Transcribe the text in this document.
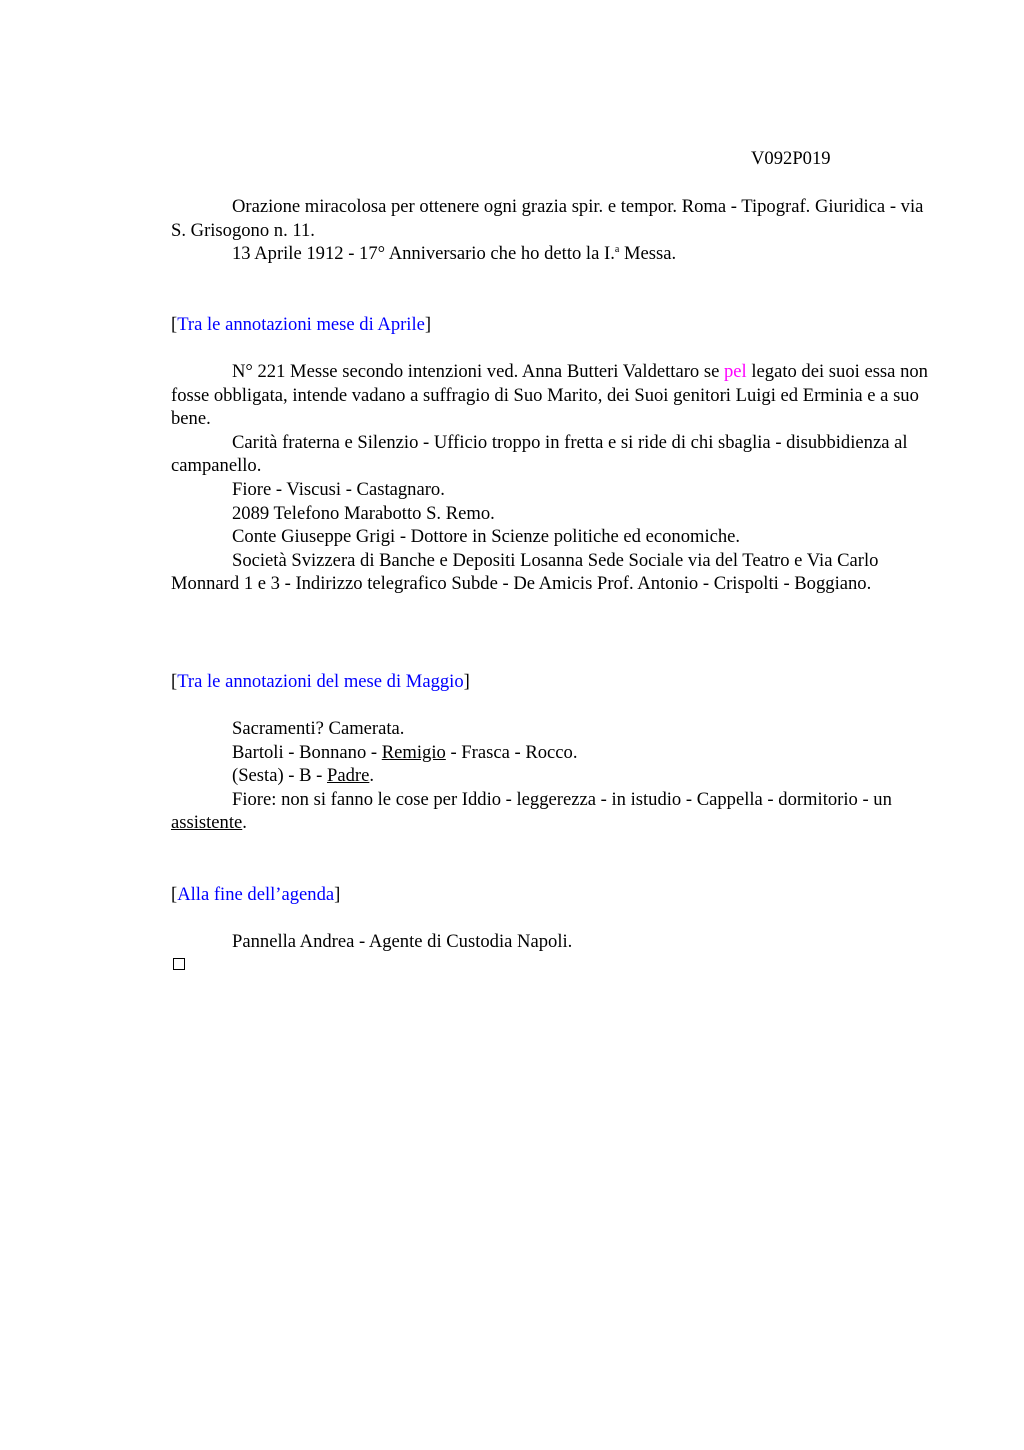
V092P019

Orazione miracolosa per ottenere ogni grazia spir. e tempor. Roma - Tipograf. Giuridica - via S. Grisogono n. 11.

13 Aprile 1912 - 17° Anniversario che ho detto la I.$^a$ Messa.

[Tra le annotazioni mese di Aprile]

N° 221 Messe secondo intenzioni ved. Anna Butteri Valdettaro se pel legato dei suoi essa non fosse obbligata, intende vadano a suffragio di Suo Marito, dei Suoi genitori Luigi ed Erminia e a suo bene.

Carità fraterna e Silenzio - Ufficio troppo in fretta e si ride di chi sbaglia - disubbidienza al campanello.

Fiore - Viscusi - Castagnaro.

2089 Telefono Marabotto S. Remo.

Conte Giuseppe Grigi - Dottore in Scienze politiche ed economiche.

Società Svizzera di Banche e Depositi Losanna Sede Sociale via del Teatro e Via Carlo Monnard 1 e 3 - Indirizzo telegrafico Subde - De Amicis Prof. Antonio - Crispolti - Boggiano.

[Tra le annotazioni del mese di Maggio]

Sacramenti? Camerata.

Bartoli - Bonnano - Remigio - Frasca - Rocco.

(Sesta) - B - Padre.

Fiore: non si fanno le cose per Iddio - leggerezza - in istudio - Cappella - dormitorio - un assistente.

[Alla fine dell’agenda]

Pannella Andrea - Agente di Custodia Napoli.
